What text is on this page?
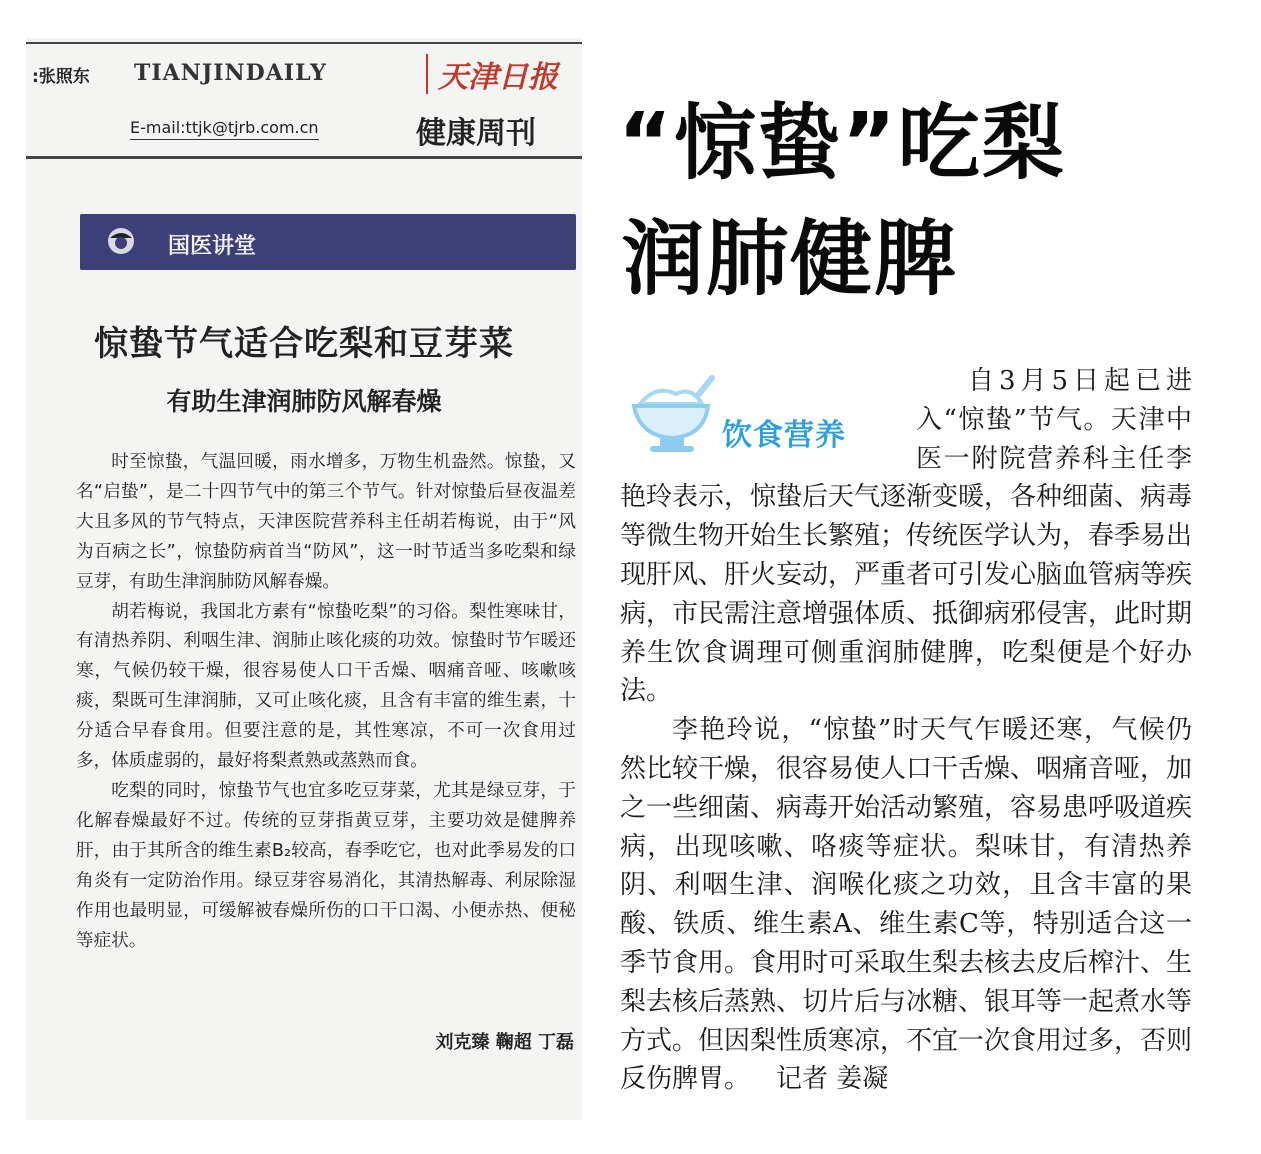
:张照东 TIANJINDAILY	天津日报
E-mail:ttjk@tjrb.com.cn	健康周刊
国医讲堂
惊蛰节气适合吃梨和豆芽菜
有助生津润肺防风解春燥

时至惊蛰，气温回暖，雨水增多，万物生机盎然。惊蛰，又名“启蛰”，是二十四节气中的第三个节气。针对惊蛰后昼夜温差大且多风的节气特点，天津医院营养科主任胡若梅说，由于“风为百病之长”，惊蛰防病首当“防风”，这一时节适当多吃梨和绿豆芽，有助生津润肺防风解春燥。

胡若梅说，我国北方素有“惊蛰吃梨”的习俗。梨性寒味甘，有清热养阴、利咽生津、润肺止咳化痰的功效。惊蛰时节乍暖还寒，气候仍较干燥，很容易使人口干舌燥、咽痛音哑、咳嗽咳痰，梨既可生津润肺，又可止咳化痰，且含有丰富的维生素，十分适合早春食用。但要注意的是，其性寒凉，不可一次食用过多，体质虚弱的，最好将梨煮熟或蒸熟而食。

吃梨的同时，惊蛰节气也宜多吃豆芽菜，尤其是绿豆芽，于化解春燥最好不过。传统的豆芽指黄豆芽，主要功效是健脾养肝，由于其所含的维生素B₂较高，春季吃它，也对此季易发的口角炎有一定防治作用。绿豆芽容易消化，其清热解毒、利尿除湿作用也最明显，可缓解被春燥所伤的口干口渴、小便赤热、便秘等症状。

刘克臻 鞠超 丁磊
“惊蛰”吃梨
润肺健脾
饮食营养

自3月5日起已进入“惊蛰”节气。天津中医一附院营养科主任李艳玲表示，惊蛰后天气逐渐变暖，各种细菌、病毒等微生物开始生长繁殖；传统医学认为，春季易出现肝风、肝火妄动，严重者可引发心脑血管病等疾病，市民需注意增强体质、抵御病邪侵害，此时期养生饮食调理可侧重润肺健脾，吃梨便是个好办法。

李艳玲说，“惊蛰”时天气乍暖还寒，气候仍然比较干燥，很容易使人口干舌燥、咽痛音哑，加之一些细菌、病毒开始活动繁殖，容易患呼吸道疾病，出现咳嗽、咯痰等症状。梨味甘，有清热养阴、利咽生津、润喉化痰之功效，且含丰富的果酸、铁质、维生素A、维生素C等，特别适合这一季节食用。食用时可采取生梨去核去皮后榨汁、生梨去核后蒸熟、切片后与冰糖、银耳等一起煮水等方式。但因梨性质寒凉，不宜一次食用过多，否则反伤脾胃。 记者 姜凝
